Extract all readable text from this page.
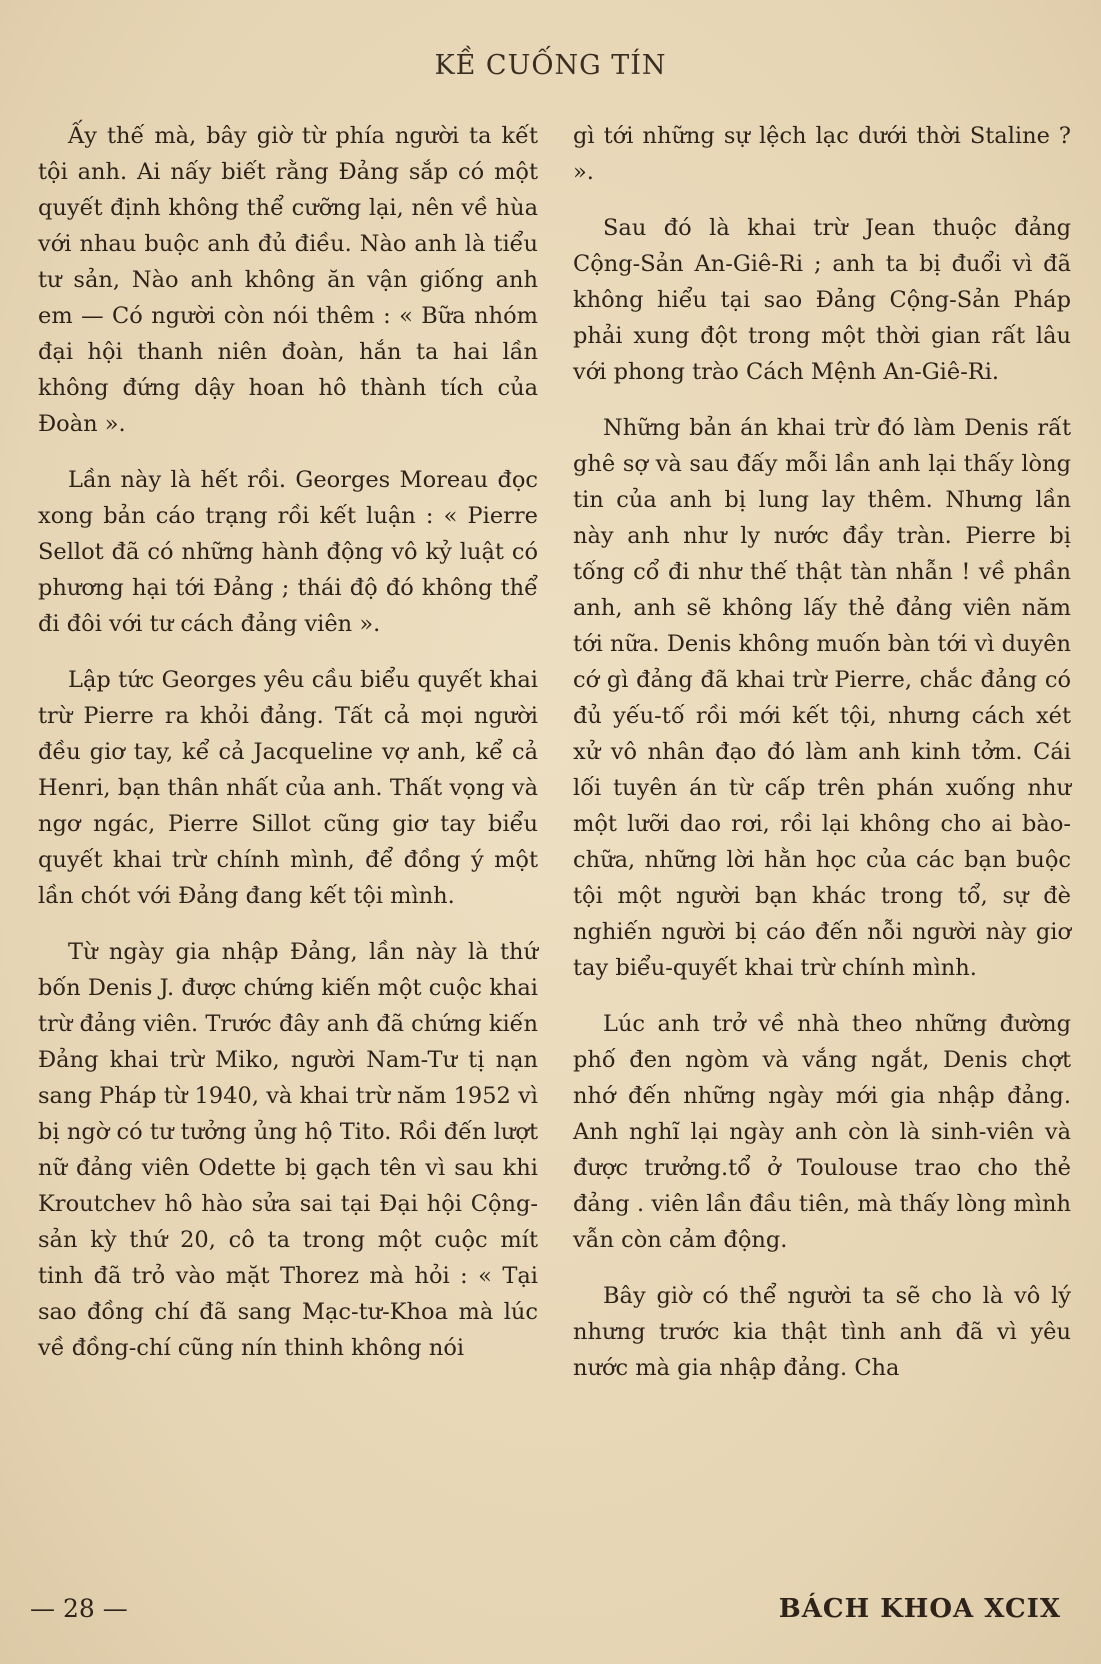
KỀ CUỐNG TÍN

Ấy thế mà, bây giờ từ phía người ta kết tội anh. Ai nấy biết rằng Đảng sắp có một quyết định không thể cưỡng lại, nên về hùa với nhau buộc anh đủ điều. Nào anh là tiểu tư sản, Nào anh không ăn vận giống anh em — Có người còn nói thêm : « Bữa nhóm đại hội thanh niên đoàn, hắn ta hai lần không đứng dậy hoan hô thành tích của Đoàn ».

Lần này là hết rồi. Georges Moreau đọc xong bản cáo trạng rồi kết luận : « Pierre Sellot đã có những hành động vô kỷ luật có phương hại tới Đảng ; thái độ đó không thể đi đôi với tư cách đảng viên ».

Lập tức Georges yêu cầu biểu quyết khai trừ Pierre ra khỏi đảng. Tất cả mọi người đều giơ tay, kể cả Jacqueline vợ anh, kể cả Henri, bạn thân nhất của anh. Thất vọng và ngơ ngác, Pierre Sillot cũng giơ tay biểu quyết khai trừ chính mình, để đồng ý một lần chót với Đảng đang kết tội mình.

Từ ngày gia nhập Đảng, lần này là thứ bốn Denis J. được chứng kiến một cuộc khai trừ đảng viên. Trước đây anh đã chứng kiến Đảng khai trừ Miko, người Nam-Tư tị nạn sang Pháp từ 1940, và khai trừ năm 1952 vì bị ngờ có tư tưởng ủng hộ Tito. Rồi đến lượt nữ đảng viên Odette bị gạch tên vì sau khi Kroutchev hô hào sửa sai tại Đại hội Cộng-sản kỳ thứ 20, cô ta trong một cuộc mít tinh đã trỏ vào mặt Thorez mà hỏi : « Tại sao đồng chí đã sang Mạc-tư-Khoa mà lúc về đồng-chí cũng nín thinh không nói

gì tới những sự lệch lạc dưới thời Staline ? ».

Sau đó là khai trừ Jean thuộc đảng Cộng-Sản An-Giê-Ri ; anh ta bị đuổi vì đã không hiểu tại sao Đảng Cộng-Sản Pháp phải xung đột trong một thời gian rất lâu với phong trào Cách Mệnh An-Giê-Ri.

Những bản án khai trừ đó làm Denis rất ghê sợ và sau đấy mỗi lần anh lại thấy lòng tin của anh bị lung lay thêm. Nhưng lần này anh như ly nước đầy tràn. Pierre bị tống cổ đi như thế thật tàn nhẫn ! về phần anh, anh sẽ không lấy thẻ đảng viên năm tới nữa. Denis không muốn bàn tới vì duyên cớ gì đảng đã khai trừ Pierre, chắc đảng có đủ yếu-tố rồi mới kết tội, nhưng cách xét xử vô nhân đạo đó làm anh kinh tởm. Cái lối tuyên án từ cấp trên phán xuống như một lưỡi dao rơi, rồi lại không cho ai bào-chữa, những lời hằn học của các bạn buộc tội một người bạn khác trong tổ, sự đè nghiến người bị cáo đến nỗi người này giơ tay biểu-quyết khai trừ chính mình.

Lúc anh trở về nhà theo những đường phố đen ngòm và vắng ngắt, Denis chợt nhớ đến những ngày mới gia nhập đảng. Anh nghĩ lại ngày anh còn là sinh-viên và được trưởng.tổ ở Toulouse trao cho thẻ đảng . viên lần đầu tiên, mà thấy lòng mình vẫn còn cảm động.

Bây giờ có thể người ta sẽ cho là vô lý nhưng trước kia thật tình anh đã vì yêu nước mà gia nhập đảng. Cha

— 28 —	BÁCH KHOA XCIX
